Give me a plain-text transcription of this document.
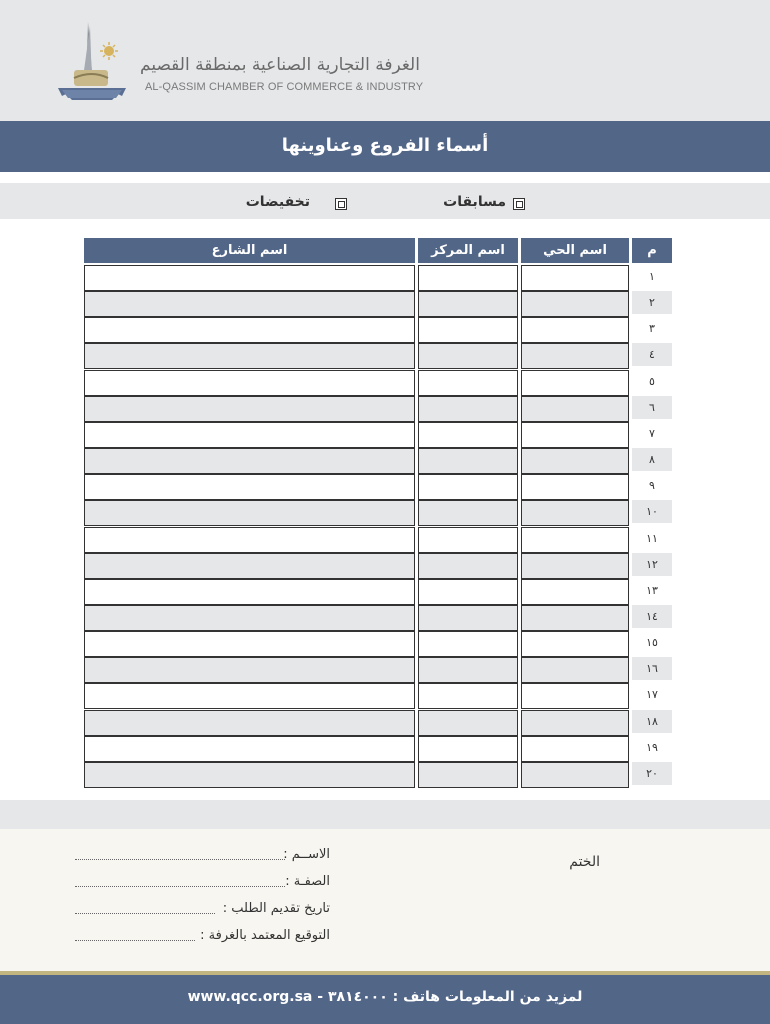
الغرفة التجارية الصناعية بمنطقة القصيم
AL-QASSIM CHAMBER OF COMMERCE & INDUSTRY
أسماء الفروع وعناوينها
مسابقات
تخفيضات
م
اسم الحي
اسم المركز
اسم الشارع
١
٢
٣
٤
٥
٦
٧
٨
٩
١٠
١١
١٢
١٣
١٤
١٥
١٦
١٧
١٨
١٩
٢٠
الاســم :
الصفـة :
تاريخ تقديم الطلب :
التوقيع المعتمد بالغرفة :
الختم
لمزيد من المعلومات هاتف : ٣٨١٤٠٠٠ - www.qcc.org.sa
